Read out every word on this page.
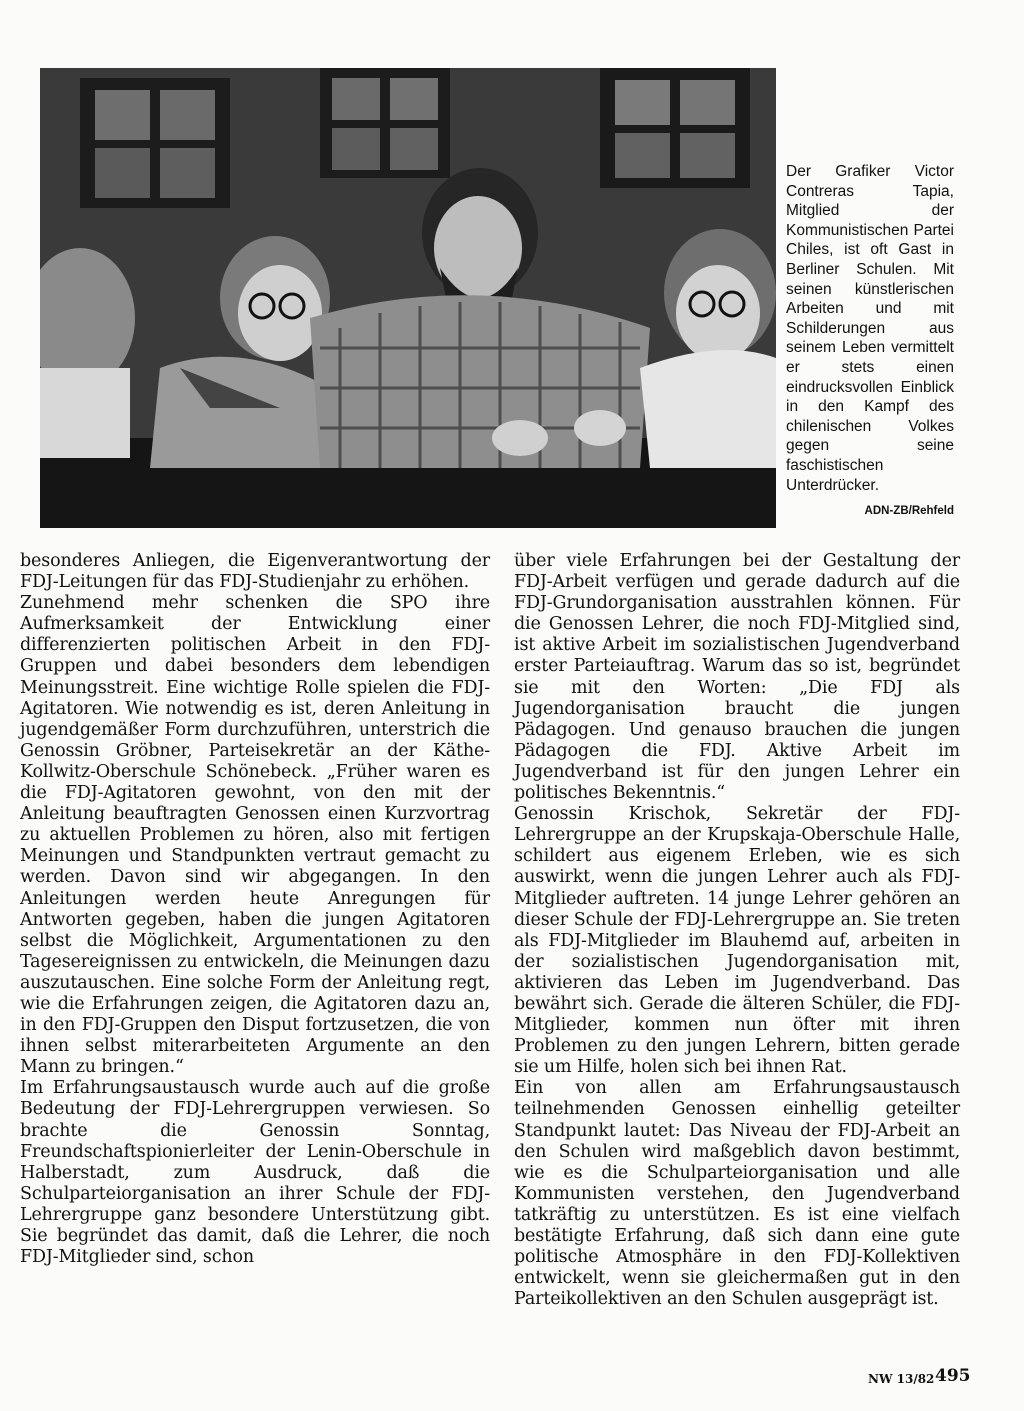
Der Grafiker Victor Contreras Tapia, Mitglied der Kommunistischen Partei Chiles, ist oft Gast in Berliner Schulen. Mit seinen künstlerischen Arbeiten und mit Schilderungen aus seinem Leben vermittelt er stets einen eindrucksvollen Einblick in den Kampf des chilenischen Volkes gegen seine faschistischen Unterdrücker.
ADN-ZB/Rehfeld

besonderes Anliegen, die Eigenverantwortung der FDJ-Leitungen für das FDJ-Studienjahr zu erhöhen.

Zunehmend mehr schenken die SPO ihre Aufmerksamkeit der Entwicklung einer differenzierten politischen Arbeit in den FDJ-Gruppen und dabei besonders dem lebendigen Meinungsstreit. Eine wichtige Rolle spielen die FDJ-Agitatoren. Wie notwendig es ist, deren Anleitung in jugendgemäßer Form durchzuführen, unterstrich die Genossin Gröbner, Parteisekretär an der Käthe-Kollwitz-Oberschule Schönebeck. „Früher waren es die FDJ-Agitatoren gewohnt, von den mit der Anleitung beauftragten Genossen einen Kurzvortrag zu aktuellen Problemen zu hören, also mit fertigen Meinungen und Standpunkten vertraut gemacht zu werden. Davon sind wir abgegangen. In den Anleitungen werden heute Anregungen für Antworten gegeben, haben die jungen Agitatoren selbst die Möglichkeit, Argumentationen zu den Tagesereignissen zu entwickeln, die Meinungen dazu auszutauschen. Eine solche Form der Anleitung regt, wie die Erfahrungen zeigen, die Agitatoren dazu an, in den FDJ-Gruppen den Disput fortzusetzen, die von ihnen selbst miterarbeiteten Argumente an den Mann zu bringen.“

Im Erfahrungsaustausch wurde auch auf die große Bedeutung der FDJ-Lehrergruppen verwiesen. So brachte die Genossin Sonntag, Freundschaftspionierleiter der Lenin-Oberschule in Halberstadt, zum Ausdruck, daß die Schulparteiorganisation an ihrer Schule der FDJ-Lehrergruppe ganz besondere Unterstützung gibt. Sie begründet das damit, daß die Lehrer, die noch FDJ-Mitglieder sind, schon

über viele Erfahrungen bei der Gestaltung der FDJ-Arbeit verfügen und gerade dadurch auf die FDJ-Grundorganisation ausstrahlen können. Für die Genossen Lehrer, die noch FDJ-Mitglied sind, ist aktive Arbeit im sozialistischen Jugendverband erster Parteiauftrag. Warum das so ist, begründet sie mit den Worten: „Die FDJ als Jugendorganisation braucht die jungen Pädagogen. Und genauso brauchen die jungen Pädagogen die FDJ. Aktive Arbeit im Jugendverband ist für den jungen Lehrer ein politisches Bekenntnis.“

Genossin Krischok, Sekretär der FDJ-Lehrergruppe an der Krupskaja-Oberschule Halle, schildert aus eigenem Erleben, wie es sich auswirkt, wenn die jungen Lehrer auch als FDJ-Mitglieder auftreten. 14 junge Lehrer gehören an dieser Schule der FDJ-Lehrergruppe an. Sie treten als FDJ-Mitglieder im Blauhemd auf, arbeiten in der sozialistischen Jugendorganisation mit, aktivieren das Leben im Jugendverband. Das bewährt sich. Gerade die älteren Schüler, die FDJ-Mitglieder, kommen nun öfter mit ihren Problemen zu den jungen Lehrern, bitten gerade sie um Hilfe, holen sich bei ihnen Rat.

Ein von allen am Erfahrungsaustausch teilnehmenden Genossen einhellig geteilter Standpunkt lautet: Das Niveau der FDJ-Arbeit an den Schulen wird maßgeblich davon bestimmt, wie es die Schulparteiorganisation und alle Kommunisten verstehen, den Jugendverband tatkräftig zu unterstützen. Es ist eine vielfach bestätigte Erfahrung, daß sich dann eine gute politische Atmosphäre in den FDJ-Kollektiven entwickelt, wenn sie gleichermaßen gut in den Parteikollektiven an den Schulen ausgeprägt ist.

NW 13/82 495
